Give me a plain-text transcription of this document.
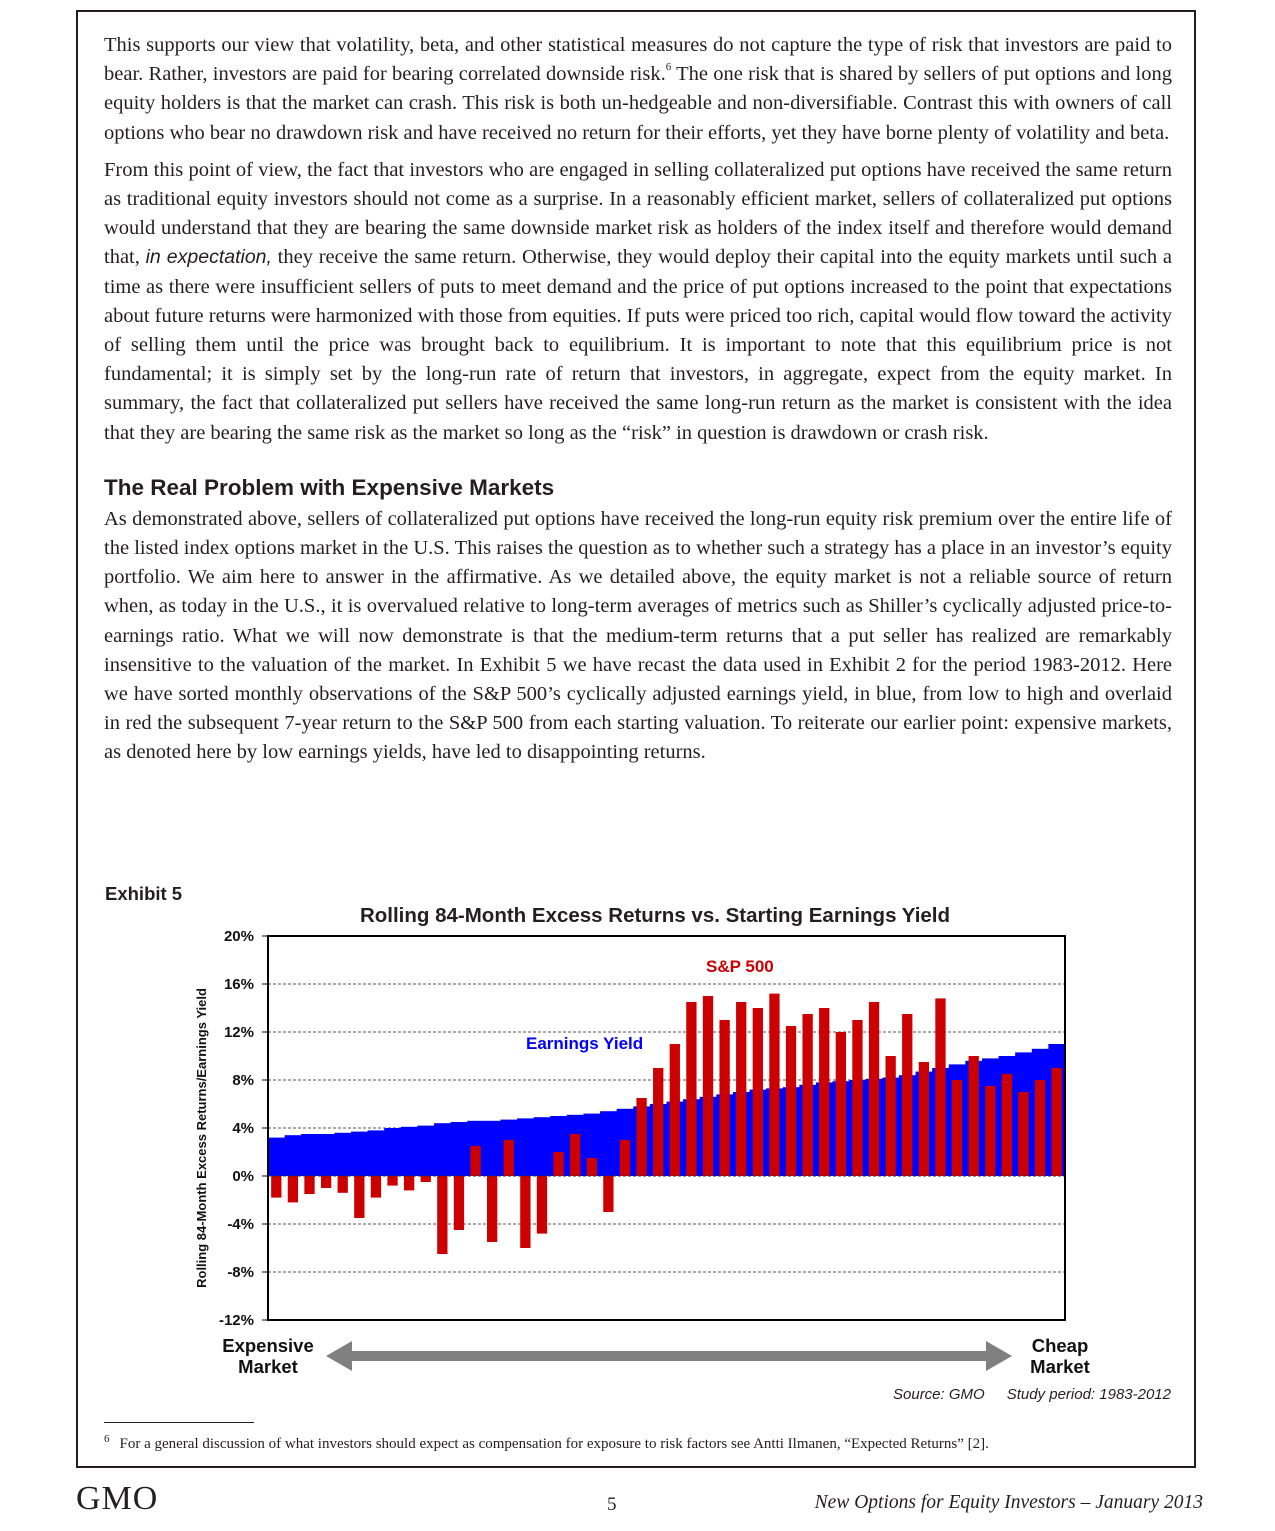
This supports our view that volatility, beta, and other statistical measures do not capture the type of risk that investors are paid to bear. Rather, investors are paid for bearing correlated downside risk.$^6$ The one risk that is shared by sellers of put options and long equity holders is that the market can crash. This risk is both un-hedgeable and non-diversifiable. Contrast this with owners of call options who bear no drawdown risk and have received no return for their efforts, yet they have borne plenty of volatility and beta.

From this point of view, the fact that investors who are engaged in selling collateralized put options have received the same return as traditional equity investors should not come as a surprise. In a reasonably efficient market, sellers of collateralized put options would understand that they are bearing the same downside market risk as holders of the index itself and therefore would demand that, in expectation, they receive the same return. Otherwise, they would deploy their capital into the equity markets until such a time as there were insufficient sellers of puts to meet demand and the price of put options increased to the point that expectations about future returns were harmonized with those from equities. If puts were priced too rich, capital would flow toward the activity of selling them until the price was brought back to equilibrium. It is important to note that this equilibrium price is not fundamental; it is simply set by the long-run rate of return that investors, in aggregate, expect from the equity market. In summary, the fact that collateralized put sellers have received the same long-run return as the market is consistent with the idea that they are bearing the same risk as the market so long as the “risk” in question is drawdown or crash risk.

The Real Problem with Expensive Markets

As demonstrated above, sellers of collateralized put options have received the long-run equity risk premium over the entire life of the listed index options market in the U.S. This raises the question as to whether such a strategy has a place in an investor’s equity portfolio. We aim here to answer in the affirmative. As we detailed above, the equity market is not a reliable source of return when, as today in the U.S., it is overvalued relative to long-term averages of metrics such as Shiller’s cyclically adjusted price-to-earnings ratio. What we will now demonstrate is that the medium-term returns that a put seller has realized are remarkably insensitive to the valuation of the market. In Exhibit 5 we have recast the data used in Exhibit 2 for the period 1983-2012. Here we have sorted monthly observations of the S&P 500’s cyclically adjusted earnings yield, in blue, from low to high and overlaid in red the subsequent 7-year return to the S&P 500 from each starting valuation. To reiterate our earlier point: expensive markets, as denoted here by low earnings yields, have led to disappointing returns.

Exhibit 5
Rolling 84-Month Excess Returns vs. Starting Earnings Yield
-12%
-8%
-4%
0%
4%
8%
12%
16%
20%
Earnings Yield
S&P 500
Rolling 84-Month Excess Returns/Earnings Yield
Expensive Market
Cheap Market
Source: GMO Study period: 1983-2012
$^6$ For a general discussion of what investors should expect as compensation for exposure to risk factors see Antti Ilmanen, “Expected Returns” [2].
GMO	5	New Options for Equity Investors – January 2013
